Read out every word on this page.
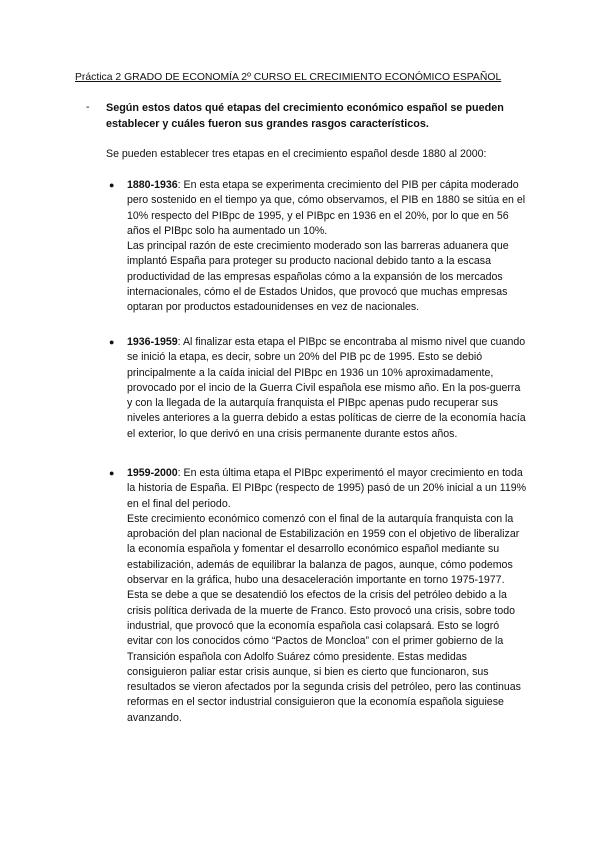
Práctica 2 GRADO DE ECONOMÍA 2º CURSO EL CRECIMIENTO ECONÓMICO ESPAÑOL
- Según estos datos qué etapas del crecimiento económico español se pueden establecer y cuáles fueron sus grandes rasgos característicos.
Se pueden establecer tres etapas en el crecimiento español desde 1880 al 2000:
● 1880-1936: En esta etapa se experimenta crecimiento del PIB per cápita moderado pero sostenido en el tiempo ya que, cómo observamos, el PIB en 1880 se sitúa en el 10% respecto del PIBpc de 1995, y el PIBpc en 1936 en el 20%, por lo que en 56 años el PIBpc solo ha aumentado un 10%.

Las principal razón de este crecimiento moderado son las barreras aduanera que implantó España para proteger su producto nacional debido tanto a la escasa productividad de las empresas españolas cómo a la expansión de los mercados internacionales, cómo el de Estados Unidos, que provocó que muchas empresas optaran por productos estadounidenses en vez de nacionales.

● 1936-1959: Al finalizar esta etapa el PIBpc se encontraba al mismo nivel que cuando se inició la etapa, es decir, sobre un 20% del PIB pc de 1995. Esto se debió principalmente a la caída inicial del PIBpc en 1936 un 10% aproximadamente, provocado por el incio de la Guerra Civil española ese mismo año. En la pos-guerra y con la llegada de la autarquía franquista el PIBpc apenas pudo recuperar sus niveles anteriores a la guerra debido a estas políticas de cierre de la economía hacía el exterior, lo que derivó en una crisis permanente durante estos años.

● 1959-2000: En esta última etapa el PIBpc experimentó el mayor crecimiento en toda la historia de España. El PIBpc (respecto de 1995) pasó de un 20% inicial a un 119% en el final del periodo.

Este crecimiento económico comenzó con el final de la autarquía franquista con la aprobación del plan nacional de Estabilización en 1959 con el objetivo de liberalizar la economía española y fomentar el desarrollo económico español mediante su estabilización, además de equilibrar la balanza de pagos, aunque, cómo podemos observar en la gráfica, hubo una desaceleración importante en torno 1975-1977. Esta se debe a que se desatendió los efectos de la crisis del petróleo debido a la crisis política derivada de la muerte de Franco. Esto provocó una crisis, sobre todo industrial, que provocó que la economía española casi colapsará. Esto se logró evitar con los conocidos cómo “Pactos de Moncloa” con el primer gobierno de la Transición española con Adolfo Suárez cómo presidente. Estas medidas consiguieron paliar estar crisis aunque, si bien es cierto que funcionaron, sus resultados se vieron afectados por la segunda crisis del petróleo, pero las continuas reformas en el sector industrial consiguieron que la economía española siguiese avanzando.
